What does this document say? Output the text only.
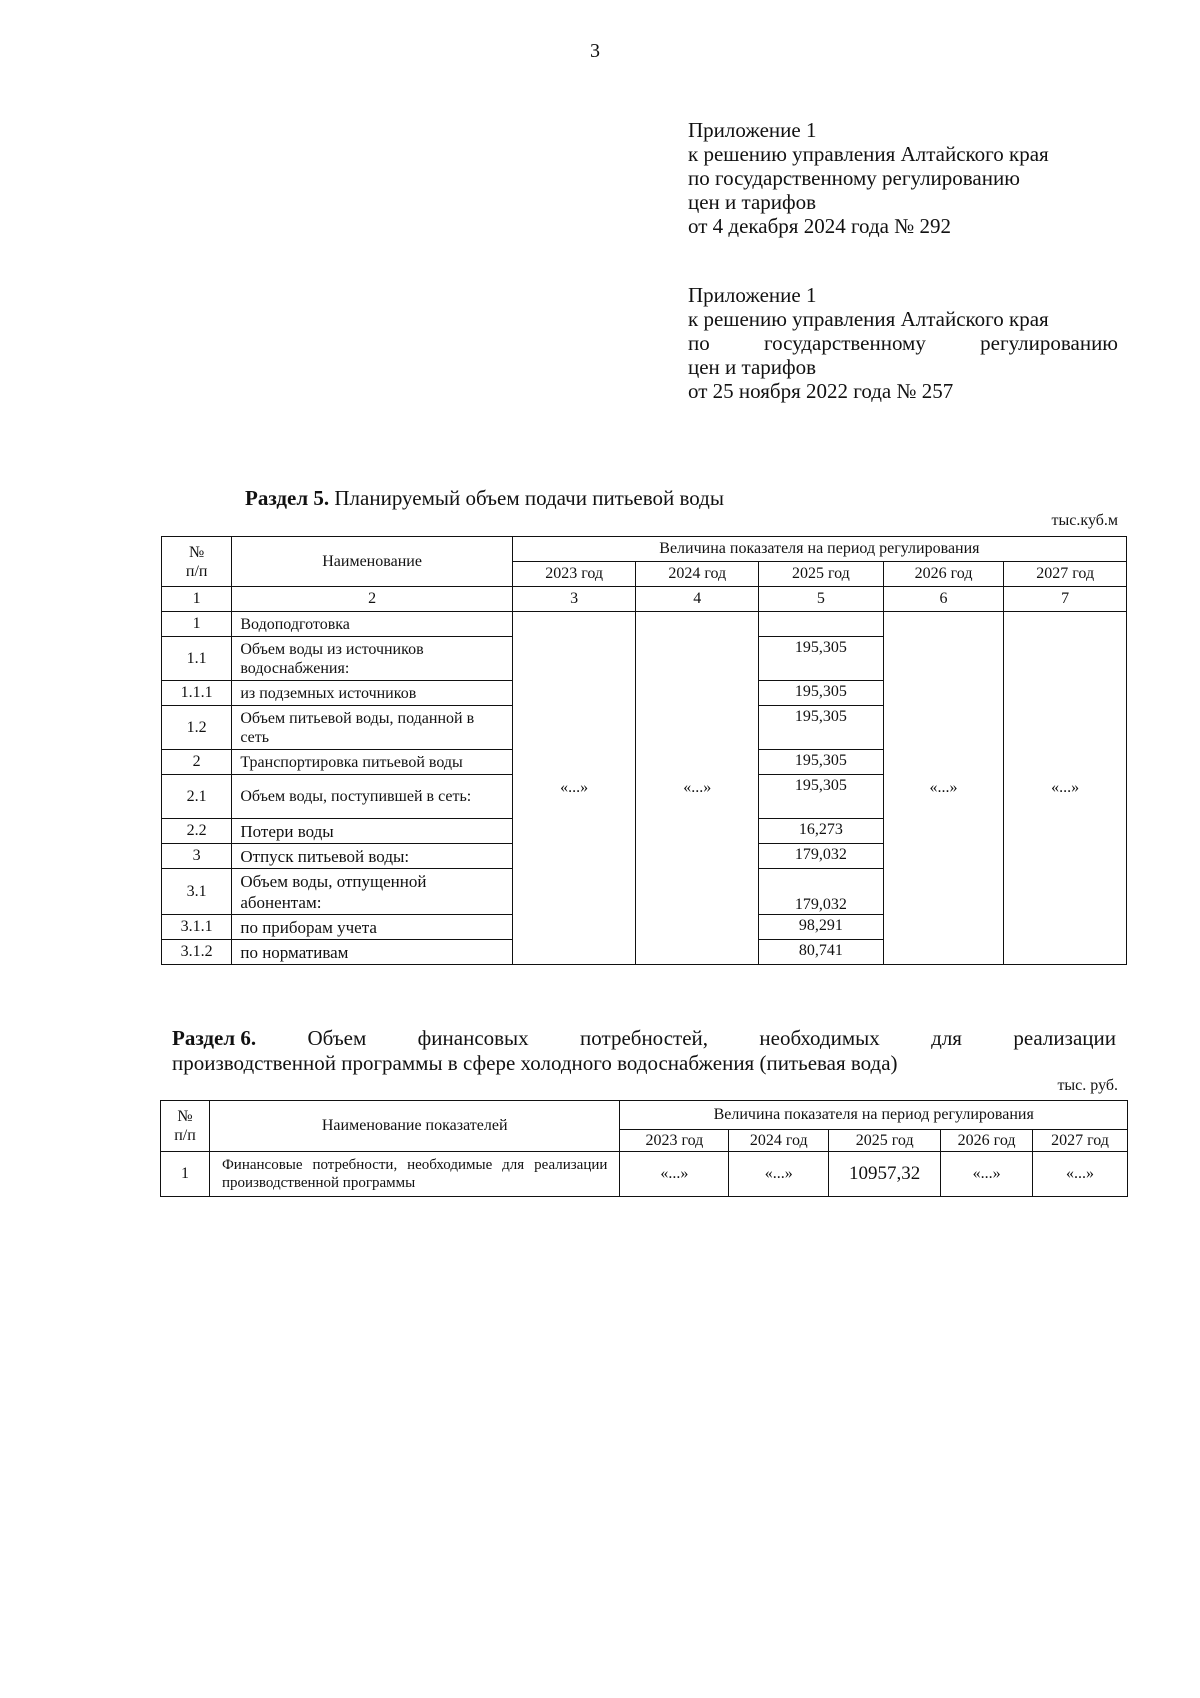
3
Приложение 1
к решению управления Алтайского края
по государственному регулированию
цен и тарифов
от 4 декабря 2024 года № 292
Приложение 1
к решению управления Алтайского края
по	государственному	регулированию
цен и тарифов
от 25 ноября 2022 года № 257
Раздел 5. Планируемый объем подачи питьевой воды
тыс.куб.м
№
п/п	Наименование	Величина показателя на период регулирования				
		2023 год	2024 год	2025 год	2026 год	2027 год
1	2	3	4	5	6	7
1	Водоподготовка	«...»	«...»		«...»	«...»
1.1	Объем воды из источников водоснабжения:			195,305		
1.1.1	из подземных источников			195,305		
1.2	Объем питьевой воды, поданной в сеть			195,305		
2	Транспортировка питьевой воды			195,305		
2.1	Объем воды, поступившей в сеть:			195,305		
2.2	Потери воды			16,273		
3	Отпуск питьевой воды:			179,032		
3.1	Объем воды, отпущенной абонентам:			179,032		
3.1.1	по приборам учета			98,291		
3.1.2	по нормативам			80,741		
Раздел 6. Объем финансовых потребностей, необходимых для реализации
производственной программы в сфере холодного водоснабжения (питьевая вода)
тыс. руб.
№
п/п	Наименование показателей	Величина показателя на период регулирования				
		2023 год	2024 год	2025 год	2026 год	2027 год
1	Финансовые потребности, необходимые для реализации производственной программы	«...»	«...»	10957,32	«...»	«...»
